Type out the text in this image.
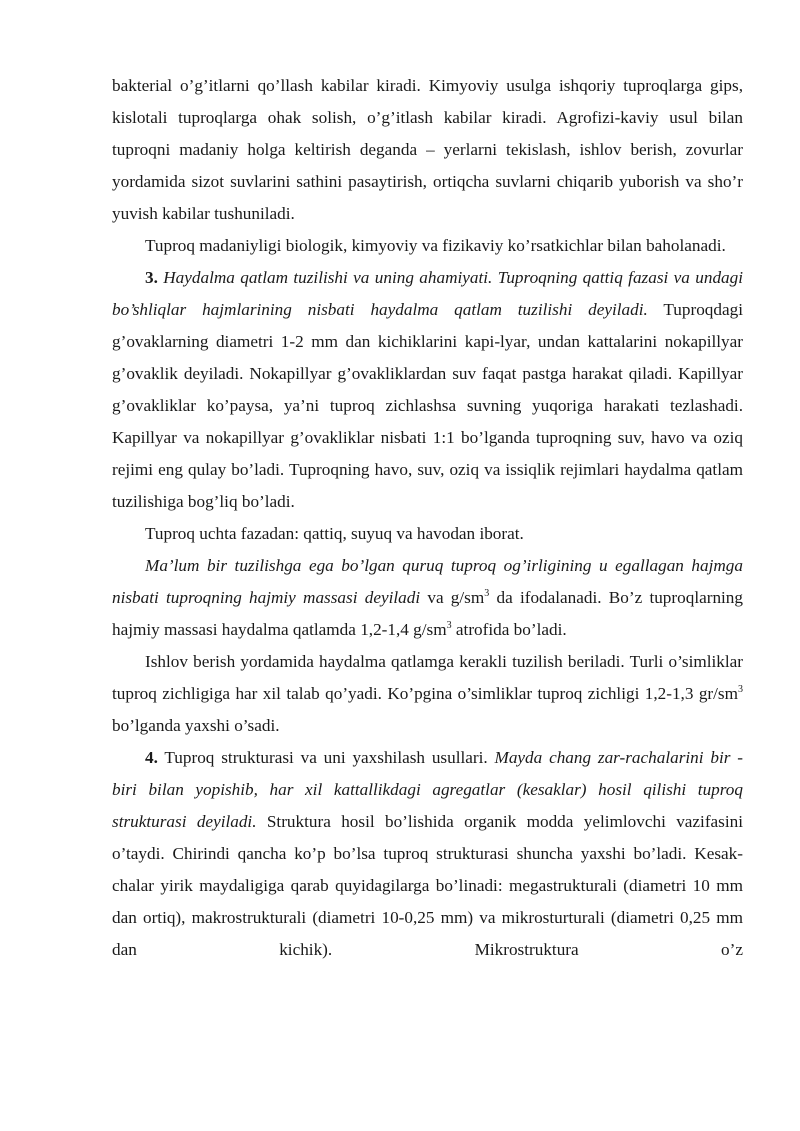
bakterial o’g’itlarni qo’llash kabilar kiradi. Kimyoviy usulga ishqoriy tuproqlarga gips, kislotali tuproqlarga ohak solish, o’g’itlash kabilar kiradi. Agrofizi-kaviy usul bilan tuproqni madaniy holga keltirish deganda – yerlarni tekislash, ishlov berish, zovurlar yordamida sizot suvlarini sathini pasaytirish, ortiqcha suvlarni chiqarib yuborish va sho’r yuvish kabilar tushuniladi.

Tuproq madaniyligi biologik, kimyoviy va fizikaviy ko’rsatkichlar bilan baholanadi.

3. Haydalma qatlam tuzilishi va uning ahamiyati. Tuproqning qattiq fazasi va undagi bo’shliqlar hajmlarining nisbati haydalma qatlam tuzilishi deyiladi. Tuproqdagi g’ovaklarning diametri 1-2 mm dan kichiklarini kapi-lyar, undan kattalarini nokapillyar g’ovaklik deyiladi. Nokapillyar g’ovakliklardan suv faqat pastga harakat qiladi. Kapillyar g’ovakliklar ko’paysa, ya’ni tuproq zichlashsa suvning yuqoriga harakati tezlashadi. Kapillyar va nokapillyar g’ovakliklar nisbati 1:1 bo’lganda tuproqning suv, havo va oziq rejimi eng qulay bo’ladi. Tuproqning havo, suv, oziq va issiqlik rejimlari haydalma qatlam tuzilishiga bog’liq bo’ladi.

Tuproq uchta fazadan: qattiq, suyuq va havodan iborat.

Ma’lum bir tuzilishga ega bo’lgan quruq tuproq og’irligining u egallagan hajmga nisbati tuproqning hajmiy massasi deyiladi va $g/sm^3$ da ifodalanadi. Bo’z tuproqlarning hajmiy massasi haydalma qatlamda 1,2-1,4 $g/sm^3$ atrofida bo’ladi.

Ishlov berish yordamida haydalma qatlamga kerakli tuzilish beriladi. Turli o’simliklar tuproq zichligiga har xil talab qo’yadi. Ko’pgina o’simliklar tuproq zichligi 1,2-1,3 $gr/sm^3$ bo’lganda yaxshi o’sadi.

4. Tuproq strukturasi va uni yaxshilash usullari. Mayda chang zar-rachalarini bir - biri bilan yopishib, har xil kattallikdagi agregatlar (kesaklar) hosil qilishi tuproq strukturasi deyiladi. Struktura hosil bo’lishida organik modda yelimlovchi vazifasini o’taydi. Chirindi qancha ko’p bo’lsa tuproq strukturasi shuncha yaxshi bo’ladi. Kesak-chalar yirik maydaligiga qarab quyidagilarga bo’linadi: megastrukturali (diametri 10 mm dan ortiq), makrostrukturali (diametri 10-0,25 mm) va mikrosturturali (diametri 0,25 mm dan kichik). Mikrostruktura o’z
